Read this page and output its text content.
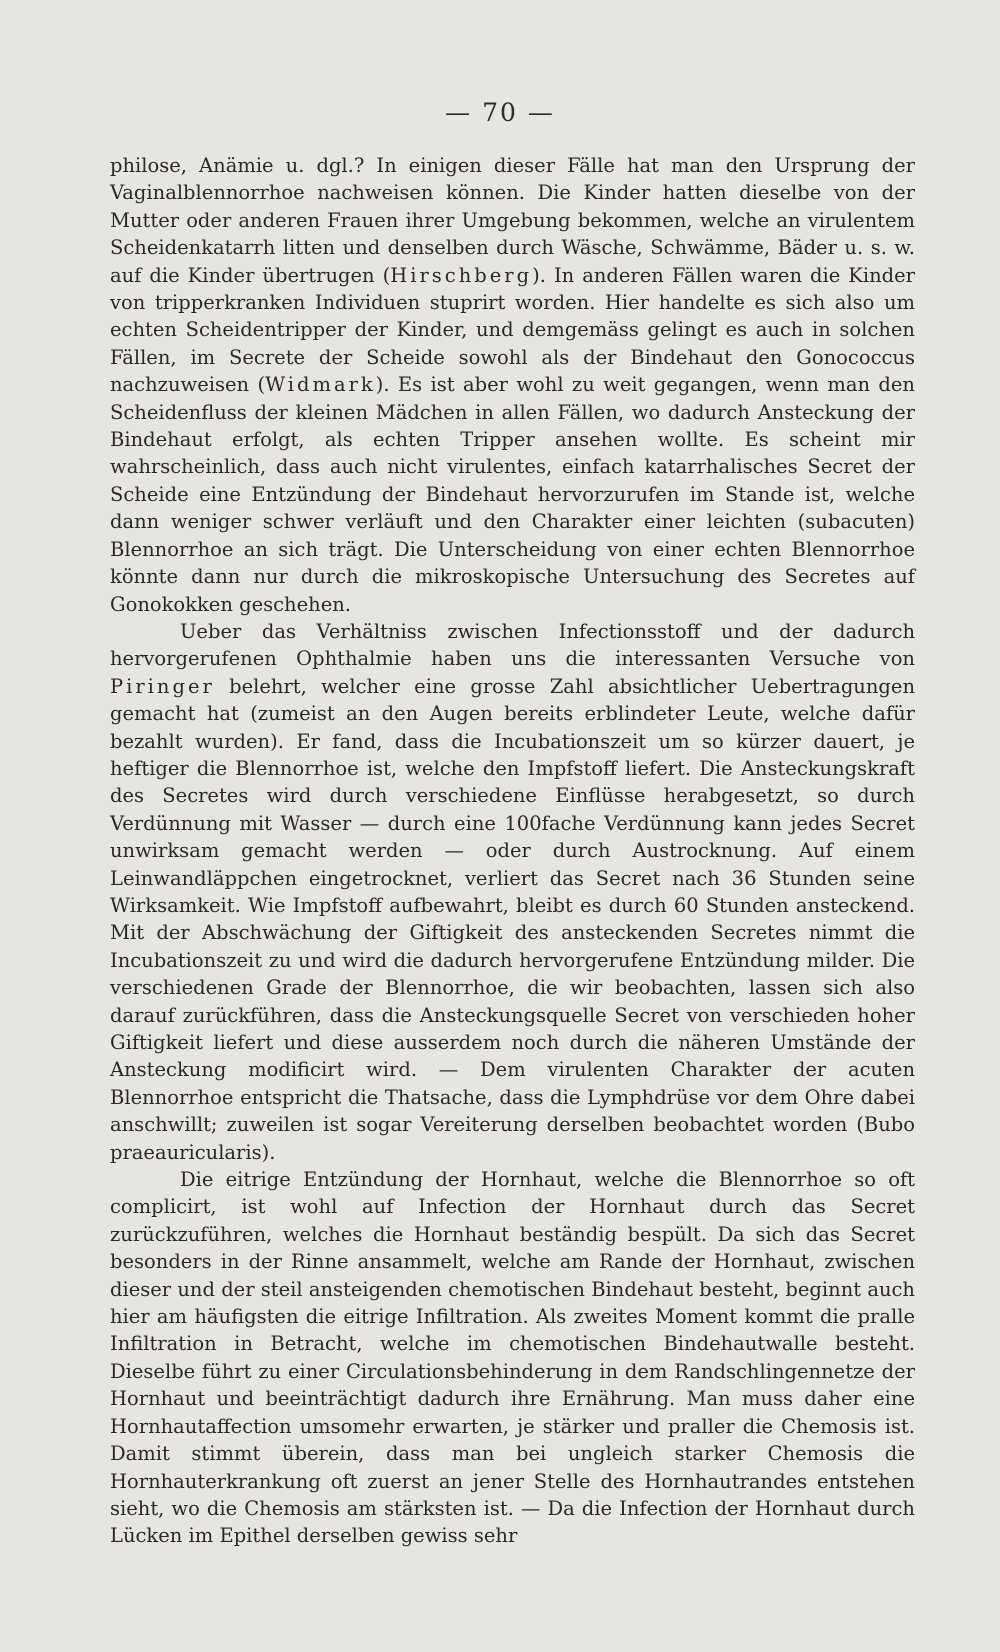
— 70 —

philose, Anämie u. dgl.? In einigen dieser Fälle hat man den Ursprung der Vaginalblennorrhoe nachweisen können. Die Kinder hatten dieselbe von der Mutter oder anderen Frauen ihrer Umgebung bekommen, welche an virulentem Scheidenkatarrh litten und denselben durch Wäsche, Schwämme, Bäder u. s. w. auf die Kinder übertrugen (Hirschberg). In anderen Fällen waren die Kinder von tripperkranken Individuen stuprirt worden. Hier handelte es sich also um echten Scheidentripper der Kinder, und demgemäss gelingt es auch in solchen Fällen, im Secrete der Scheide sowohl als der Bindehaut den Gonococcus nachzuweisen (Widmark). Es ist aber wohl zu weit gegangen, wenn man den Scheidenfluss der kleinen Mädchen in allen Fällen, wo dadurch Ansteckung der Bindehaut erfolgt, als echten Tripper ansehen wollte. Es scheint mir wahrscheinlich, dass auch nicht virulentes, einfach katarrhalisches Secret der Scheide eine Entzündung der Bindehaut hervorzurufen im Stande ist, welche dann weniger schwer verläuft und den Charakter einer leichten (subacuten) Blennorrhoe an sich trägt. Die Unterscheidung von einer echten Blennorrhoe könnte dann nur durch die mikroskopische Untersuchung des Secretes auf Gonokokken geschehen.

Ueber das Verhältniss zwischen Infectionsstoff und der dadurch hervorgerufenen Ophthalmie haben uns die interessanten Versuche von Piringer belehrt, welcher eine grosse Zahl absichtlicher Uebertragungen gemacht hat (zumeist an den Augen bereits erblindeter Leute, welche dafür bezahlt wurden). Er fand, dass die Incubationszeit um so kürzer dauert, je heftiger die Blennorrhoe ist, welche den Impfstoff liefert. Die Ansteckungskraft des Secretes wird durch verschiedene Einflüsse herabgesetzt, so durch Verdünnung mit Wasser — durch eine 100fache Verdünnung kann jedes Secret unwirksam gemacht werden — oder durch Austrocknung. Auf einem Leinwandläppchen eingetrocknet, verliert das Secret nach 36 Stunden seine Wirksamkeit. Wie Impfstoff aufbewahrt, bleibt es durch 60 Stunden ansteckend. Mit der Abschwächung der Giftigkeit des ansteckenden Secretes nimmt die Incubationszeit zu und wird die dadurch hervorgerufene Entzündung milder. Die verschiedenen Grade der Blennorrhoe, die wir beobachten, lassen sich also darauf zurückführen, dass die Ansteckungsquelle Secret von verschieden hoher Giftigkeit liefert und diese ausserdem noch durch die näheren Umstände der Ansteckung modificirt wird. — Dem virulenten Charakter der acuten Blennorrhoe entspricht die Thatsache, dass die Lymphdrüse vor dem Ohre dabei anschwillt; zuweilen ist sogar Vereiterung derselben beobachtet worden (Bubo praeauricularis).

Die eitrige Entzündung der Hornhaut, welche die Blennorrhoe so oft complicirt, ist wohl auf Infection der Hornhaut durch das Secret zurückzuführen, welches die Hornhaut beständig bespült. Da sich das Secret besonders in der Rinne ansammelt, welche am Rande der Hornhaut, zwischen dieser und der steil ansteigenden chemotischen Bindehaut besteht, beginnt auch hier am häufigsten die eitrige Infiltration. Als zweites Moment kommt die pralle Infiltration in Betracht, welche im chemotischen Bindehautwalle besteht. Dieselbe führt zu einer Circulationsbehinderung in dem Randschlingennetze der Hornhaut und beeinträchtigt dadurch ihre Ernährung. Man muss daher eine Hornhautaffection umsomehr erwarten, je stärker und praller die Chemosis ist. Damit stimmt überein, dass man bei ungleich starker Chemosis die Hornhauterkrankung oft zuerst an jener Stelle des Hornhautrandes entstehen sieht, wo die Chemosis am stärksten ist. — Da die Infection der Hornhaut durch Lücken im Epithel derselben gewiss sehr
